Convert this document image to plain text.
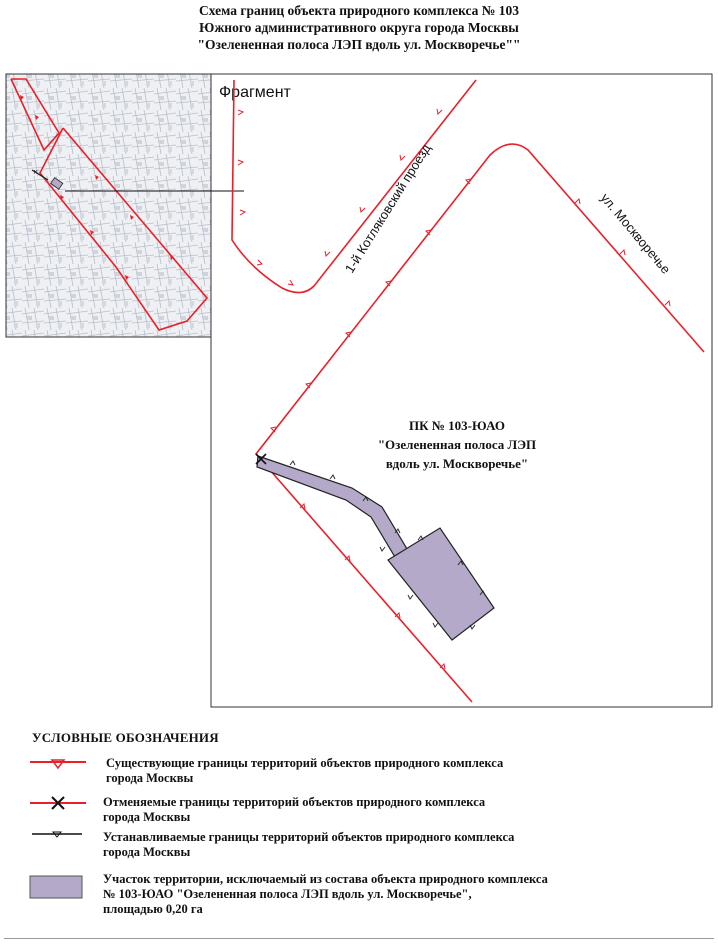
Схема границ объекта природного комплекса № 103
Южного административного округа города Москвы
"Озелененная полоса ЛЭП вдоль ул. Москворечье""
Фрагмент
×	1-й Котляковский проезд	ул. Москворечье
ПК № 103-ЮАО
"Озелененная полоса ЛЭП
вдоль ул. Москворечье"
УСЛОВНЫЕ ОБОЗНАЧЕНИЯ
Существующие границы территорий объектов природного комплекса
города Москвы
Отменяемые границы территорий объектов природного комплекса
города Москвы
Устанавливаемые границы территорий объектов природного комплекса
города Москвы
Участок территории, исключаемый из состава объекта природного комплекса
№ 103-ЮАО "Озелененная полоса ЛЭП вдоль ул. Москворечье",
площадью 0,20 га
